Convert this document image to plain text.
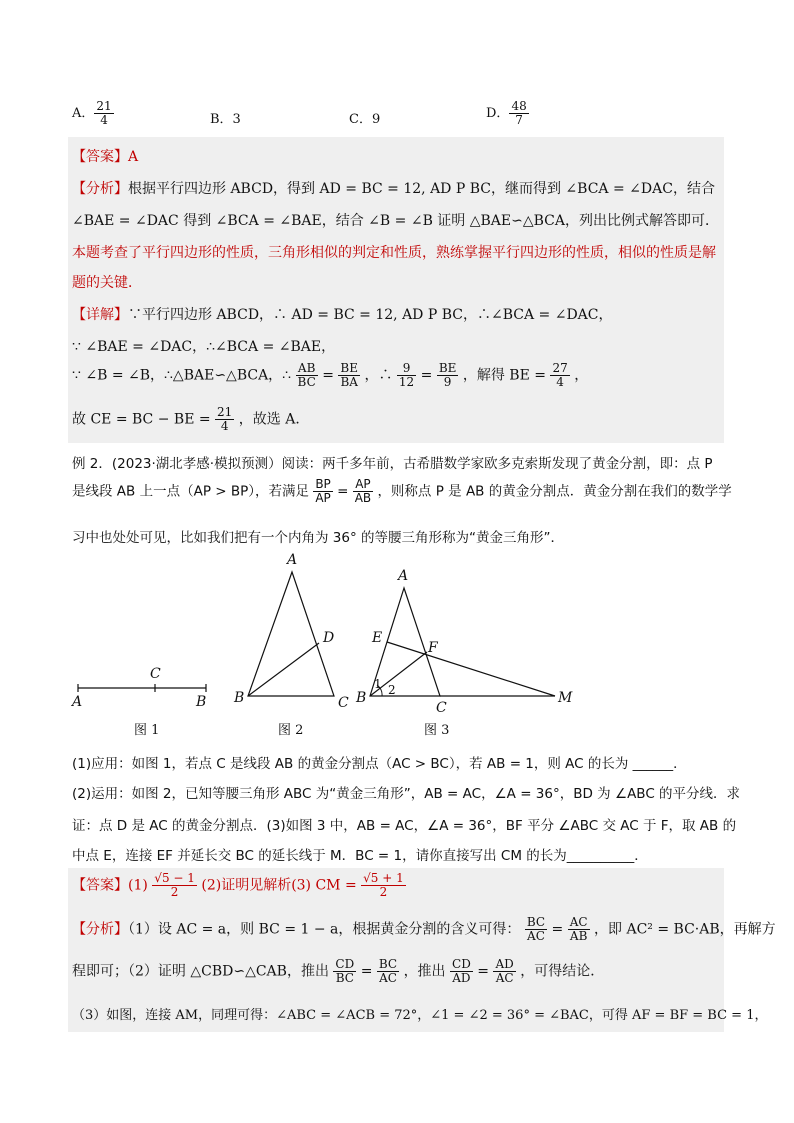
A． $\frac{21}{4}$	B．3	C．9	D． $\frac{48}{7}$
【答案】A
【分析】根据平行四边形 ABCD，得到 AD = BC = 12, AD P BC，继而得到 ∠BCA = ∠DAC，结合
∠BAE = ∠DAC 得到 ∠BCA = ∠BAE，结合 ∠B = ∠B 证明 △BAE∽△BCA，列出比例式解答即可．
本题考查了平行四边形的性质，三角形相似的判定和性质，熟练掌握平行四边形的性质，相似的性质是解
题的关键．
【详解】∵平行四边形 ABCD，∴ AD = BC = 12, AD P BC，∴∠BCA = ∠DAC，
∵ ∠BAE = ∠DAC，∴∠BCA = ∠BAE，
∵ ∠B = ∠B，∴△BAE∽△BCA，∴ $\frac{AB}{BC} = \frac{BE}{BA}$ ，∴ $\frac{9}{12} = \frac{BE}{9}$ ，解得 BE = $\frac{27}{4}$ ，
故 CE = BC − BE = $\frac{21}{4}$ ，故选 A．
例 2．(2023·湖北孝感·模拟预测）阅读：两千多年前，古希腊数学家欧多克索斯发现了黄金分割，即：点 P
是线段 AB 上一点（AP > BP），若满足 $\frac{BP}{AP} = \frac{AP}{AB}$ ，则称点 P 是 AB 的黄金分割点．黄金分割在我们的数学学
习中也处处可见，比如我们把有一个内角为 36° 的等腰三角形称为“黄金三角形”．
A
C
B
图 1
A
B	C
D
图 2
A
B
C
E
F
M
1 2
图 3
(1)应用：如图 1，若点 C 是线段 AB 的黄金分割点（AC > BC），若 AB = 1，则 AC 的长为 ______．
(2)运用：如图 2，已知等腰三角形 ABC 为“黄金三角形”，AB = AC，∠A = 36°，BD 为 ∠ABC 的平分线．求
证：点 D 是 AC 的黄金分割点．(3)如图 3 中，AB = AC，∠A = 36°，BF 平分 ∠ABC 交 AC 于 F，取 AB 的
中点 E，连接 EF 并延长交 BC 的延长线于 M．BC = 1，请你直接写出 CM 的长为__________．
【答案】$(1) \frac{√5 - 1}{2} (2)$证明见解析(3) CM = $\frac{√5 + 1}{2}$
【分析】（1）设 AC = a，则 BC = 1 − a，根据黄金分割的含义可得： $\frac{BC}{AC} = \frac{AC}{AB}$ ，即 AC² = BC·AB，再解方
程即可；（2）证明 △CBD∽△CAB，推出 $\frac{CD}{BC} = \frac{BC}{AC}$ ，推出 $\frac{CD}{AD} = \frac{AD}{AC}$ ，可得结论．
（3）如图，连接 AM，同理可得：∠ABC = ∠ACB = 72°，∠1 = ∠2 = 36° = ∠BAC，可得 AF = BF = BC = 1，
